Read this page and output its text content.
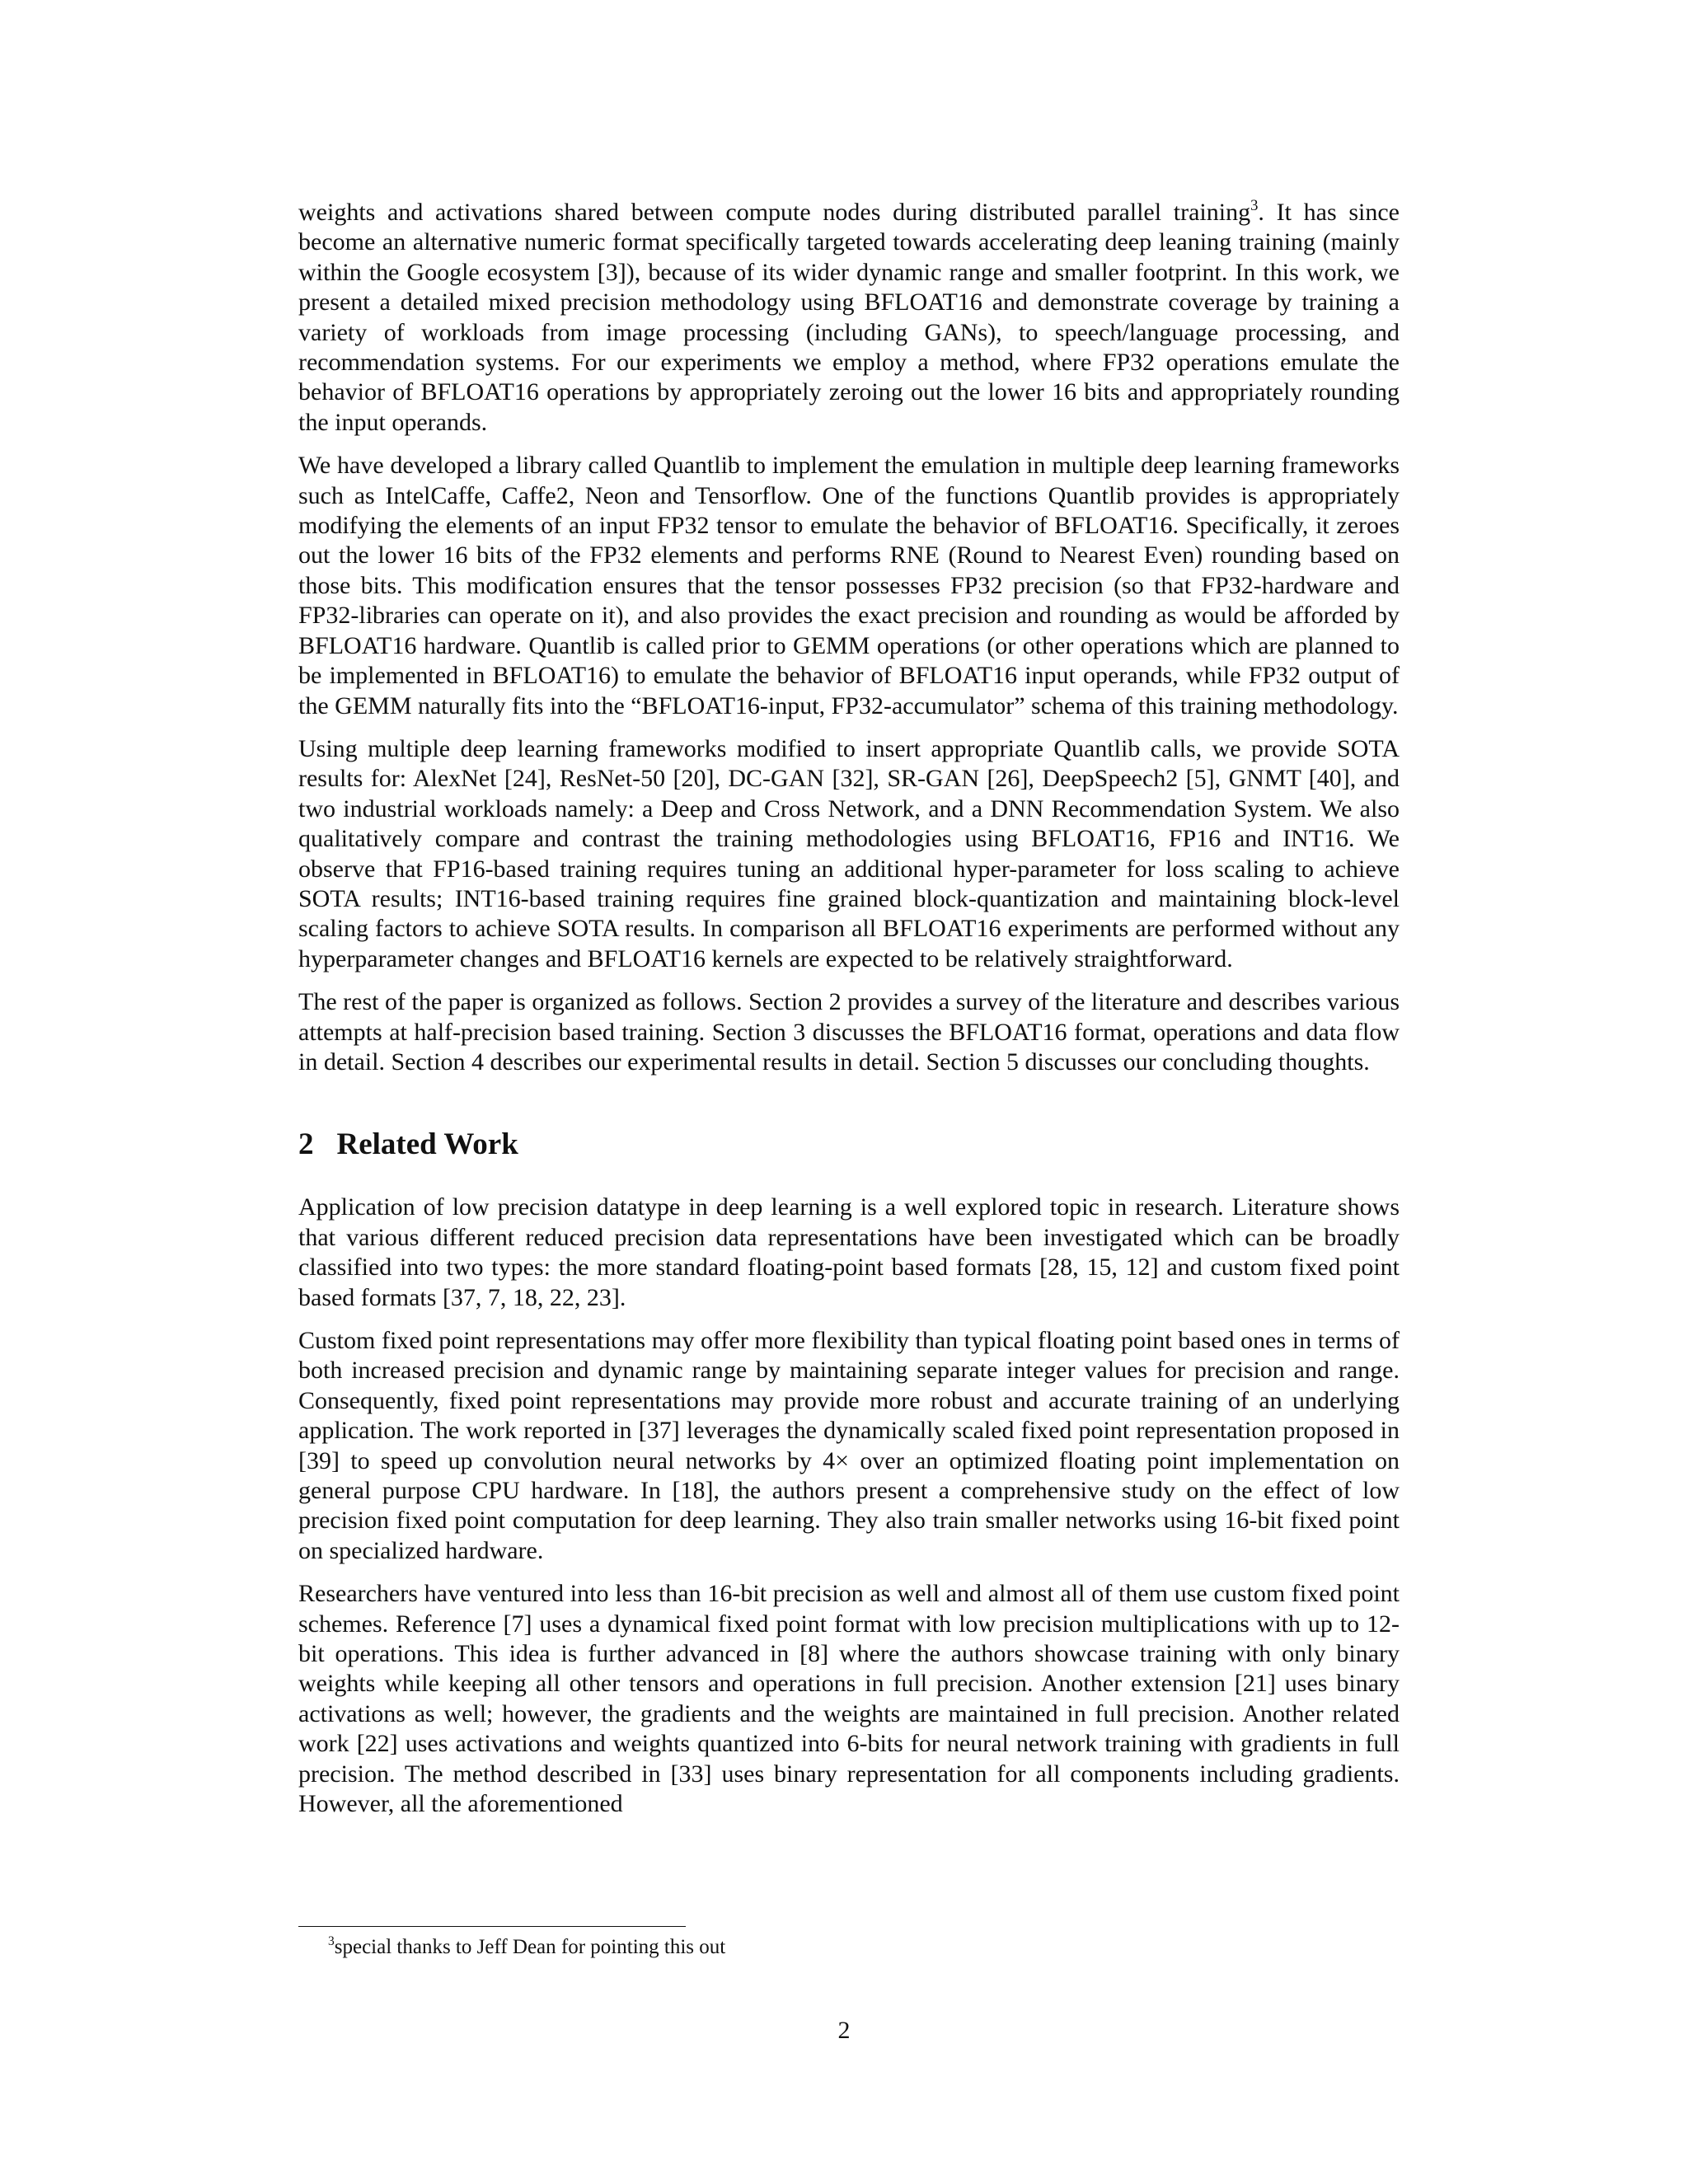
weights and activations shared between compute nodes during distributed parallel training$^3$. It has since become an alternative numeric format specifically targeted towards accelerating deep leaning training (mainly within the Google ecosystem [3]), because of its wider dynamic range and smaller footprint. In this work, we present a detailed mixed precision methodology using BFLOAT16 and demonstrate coverage by training a variety of workloads from image processing (including GANs), to speech/language processing, and recommendation systems. For our experiments we employ a method, where FP32 operations emulate the behavior of BFLOAT16 operations by appropriately zeroing out the lower 16 bits and appropriately rounding the input operands.

We have developed a library called Quantlib to implement the emulation in multiple deep learning frameworks such as IntelCaffe, Caffe2, Neon and Tensorflow. One of the functions Quantlib provides is appropriately modifying the elements of an input FP32 tensor to emulate the behavior of BFLOAT16. Specifically, it zeroes out the lower 16 bits of the FP32 elements and performs RNE (Round to Nearest Even) rounding based on those bits. This modification ensures that the tensor possesses FP32 precision (so that FP32-hardware and FP32-libraries can operate on it), and also provides the exact precision and rounding as would be afforded by BFLOAT16 hardware. Quantlib is called prior to GEMM operations (or other operations which are planned to be implemented in BFLOAT16) to emulate the behavior of BFLOAT16 input operands, while FP32 output of the GEMM naturally fits into the “BFLOAT16-input, FP32-accumulator” schema of this training methodology.

Using multiple deep learning frameworks modified to insert appropriate Quantlib calls, we provide SOTA results for: AlexNet [24], ResNet-50 [20], DC-GAN [32], SR-GAN [26], DeepSpeech2 [5], GNMT [40], and two industrial workloads namely: a Deep and Cross Network, and a DNN Recommendation System. We also qualitatively compare and contrast the training methodologies using BFLOAT16, FP16 and INT16. We observe that FP16-based training requires tuning an additional hyper-parameter for loss scaling to achieve SOTA results; INT16-based training requires fine grained block-quantization and maintaining block-level scaling factors to achieve SOTA results. In comparison all BFLOAT16 experiments are performed without any hyperparameter changes and BFLOAT16 kernels are expected to be relatively straightforward.

The rest of the paper is organized as follows. Section 2 provides a survey of the literature and describes various attempts at half-precision based training. Section 3 discusses the BFLOAT16 format, operations and data flow in detail. Section 4 describes our experimental results in detail. Section 5 discusses our concluding thoughts.

2 Related Work

Application of low precision datatype in deep learning is a well explored topic in research. Literature shows that various different reduced precision data representations have been investigated which can be broadly classified into two types: the more standard floating-point based formats [28, 15, 12] and custom fixed point based formats [37, 7, 18, 22, 23].

Custom fixed point representations may offer more flexibility than typical floating point based ones in terms of both increased precision and dynamic range by maintaining separate integer values for precision and range. Consequently, fixed point representations may provide more robust and accurate training of an underlying application. The work reported in [37] leverages the dynamically scaled fixed point representation proposed in [39] to speed up convolution neural networks by 4× over an optimized floating point implementation on general purpose CPU hardware. In [18], the authors present a comprehensive study on the effect of low precision fixed point computation for deep learning. They also train smaller networks using 16-bit fixed point on specialized hardware.

Researchers have ventured into less than 16-bit precision as well and almost all of them use custom fixed point schemes. Reference [7] uses a dynamical fixed point format with low precision multiplications with up to 12-bit operations. This idea is further advanced in [8] where the authors showcase training with only binary weights while keeping all other tensors and operations in full precision. Another extension [21] uses binary activations as well; however, the gradients and the weights are maintained in full precision. Another related work [22] uses activations and weights quantized into 6-bits for neural network training with gradients in full precision. The method described in [33] uses binary representation for all components including gradients. However, all the aforementioned

$^3$special thanks to Jeff Dean for pointing this out
2
